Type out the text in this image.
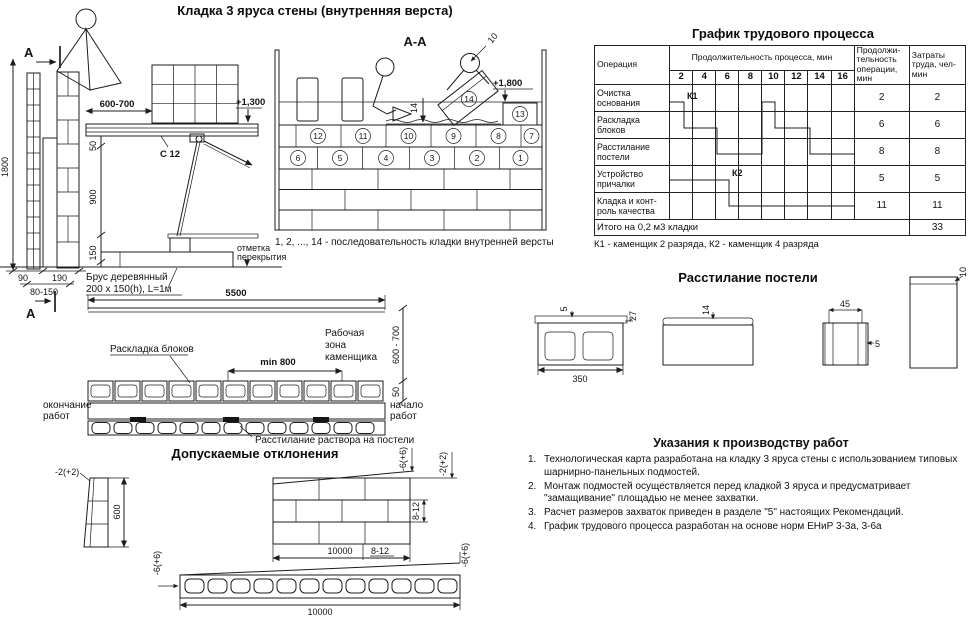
Кладка 3 яруса стены (внутренняя верста)
А
1800
600-700	+1,300
50
900
150
С 12
отметка
перекрытия
90	190
80-150
Брус деревянный
200 x 150(h), L=1м
А
А-А
12	11	10	9	8	7
6	5	4	3	2	1
13
+1,800
14
14
10
1, 2, ..., 14 - последовательность кладки внутренней версты
График трудового процесса
Операция	Продолжительность процесса, мин								Продолжи- тельность операции, мин	Затраты труда, чел-мин
	2	4	6	8	10	12	14	16		
Очистка основания									2	2
Раскладка блоков									6	6
Расстилание постели									8	8
Устройство причалки									5	5
Кладка и конт- роль качества									11	11
Итого на 0,2 м3 кладки										33
К1
К2
К1 - каменщик 2 разряда, К2 - каменщик 4 разряда
5500
Раскладка блоков
min 800
Рабочая
зона
каменщика 600 - 700
50
окончание
работ
начало
работ
Расстилание раствора на постели
Расстилание постели
5
27
350
14
45
5
10
Указания к производству работ
1. Технологическая карта разработана на кладку 3 яруса стены с использованием типовых шарнирно-панельных подмостей.
2. Монтаж подмостей осуществляется перед кладкой 3 яруса и предусматривает "замащивание" площадью не менее захватки.
3. Расчет размеров захваток приведен в разделе "5" настоящих Рекомендаций.
4. График трудового процесса разработан на основе норм ЕНиР 3-3а, 3-6а
Допускаемые отклонения
-2(+2)
600
-6(+6)	-2(+2)
8-12
10000 8-12
-6(+6)	-6(+6)
10000
